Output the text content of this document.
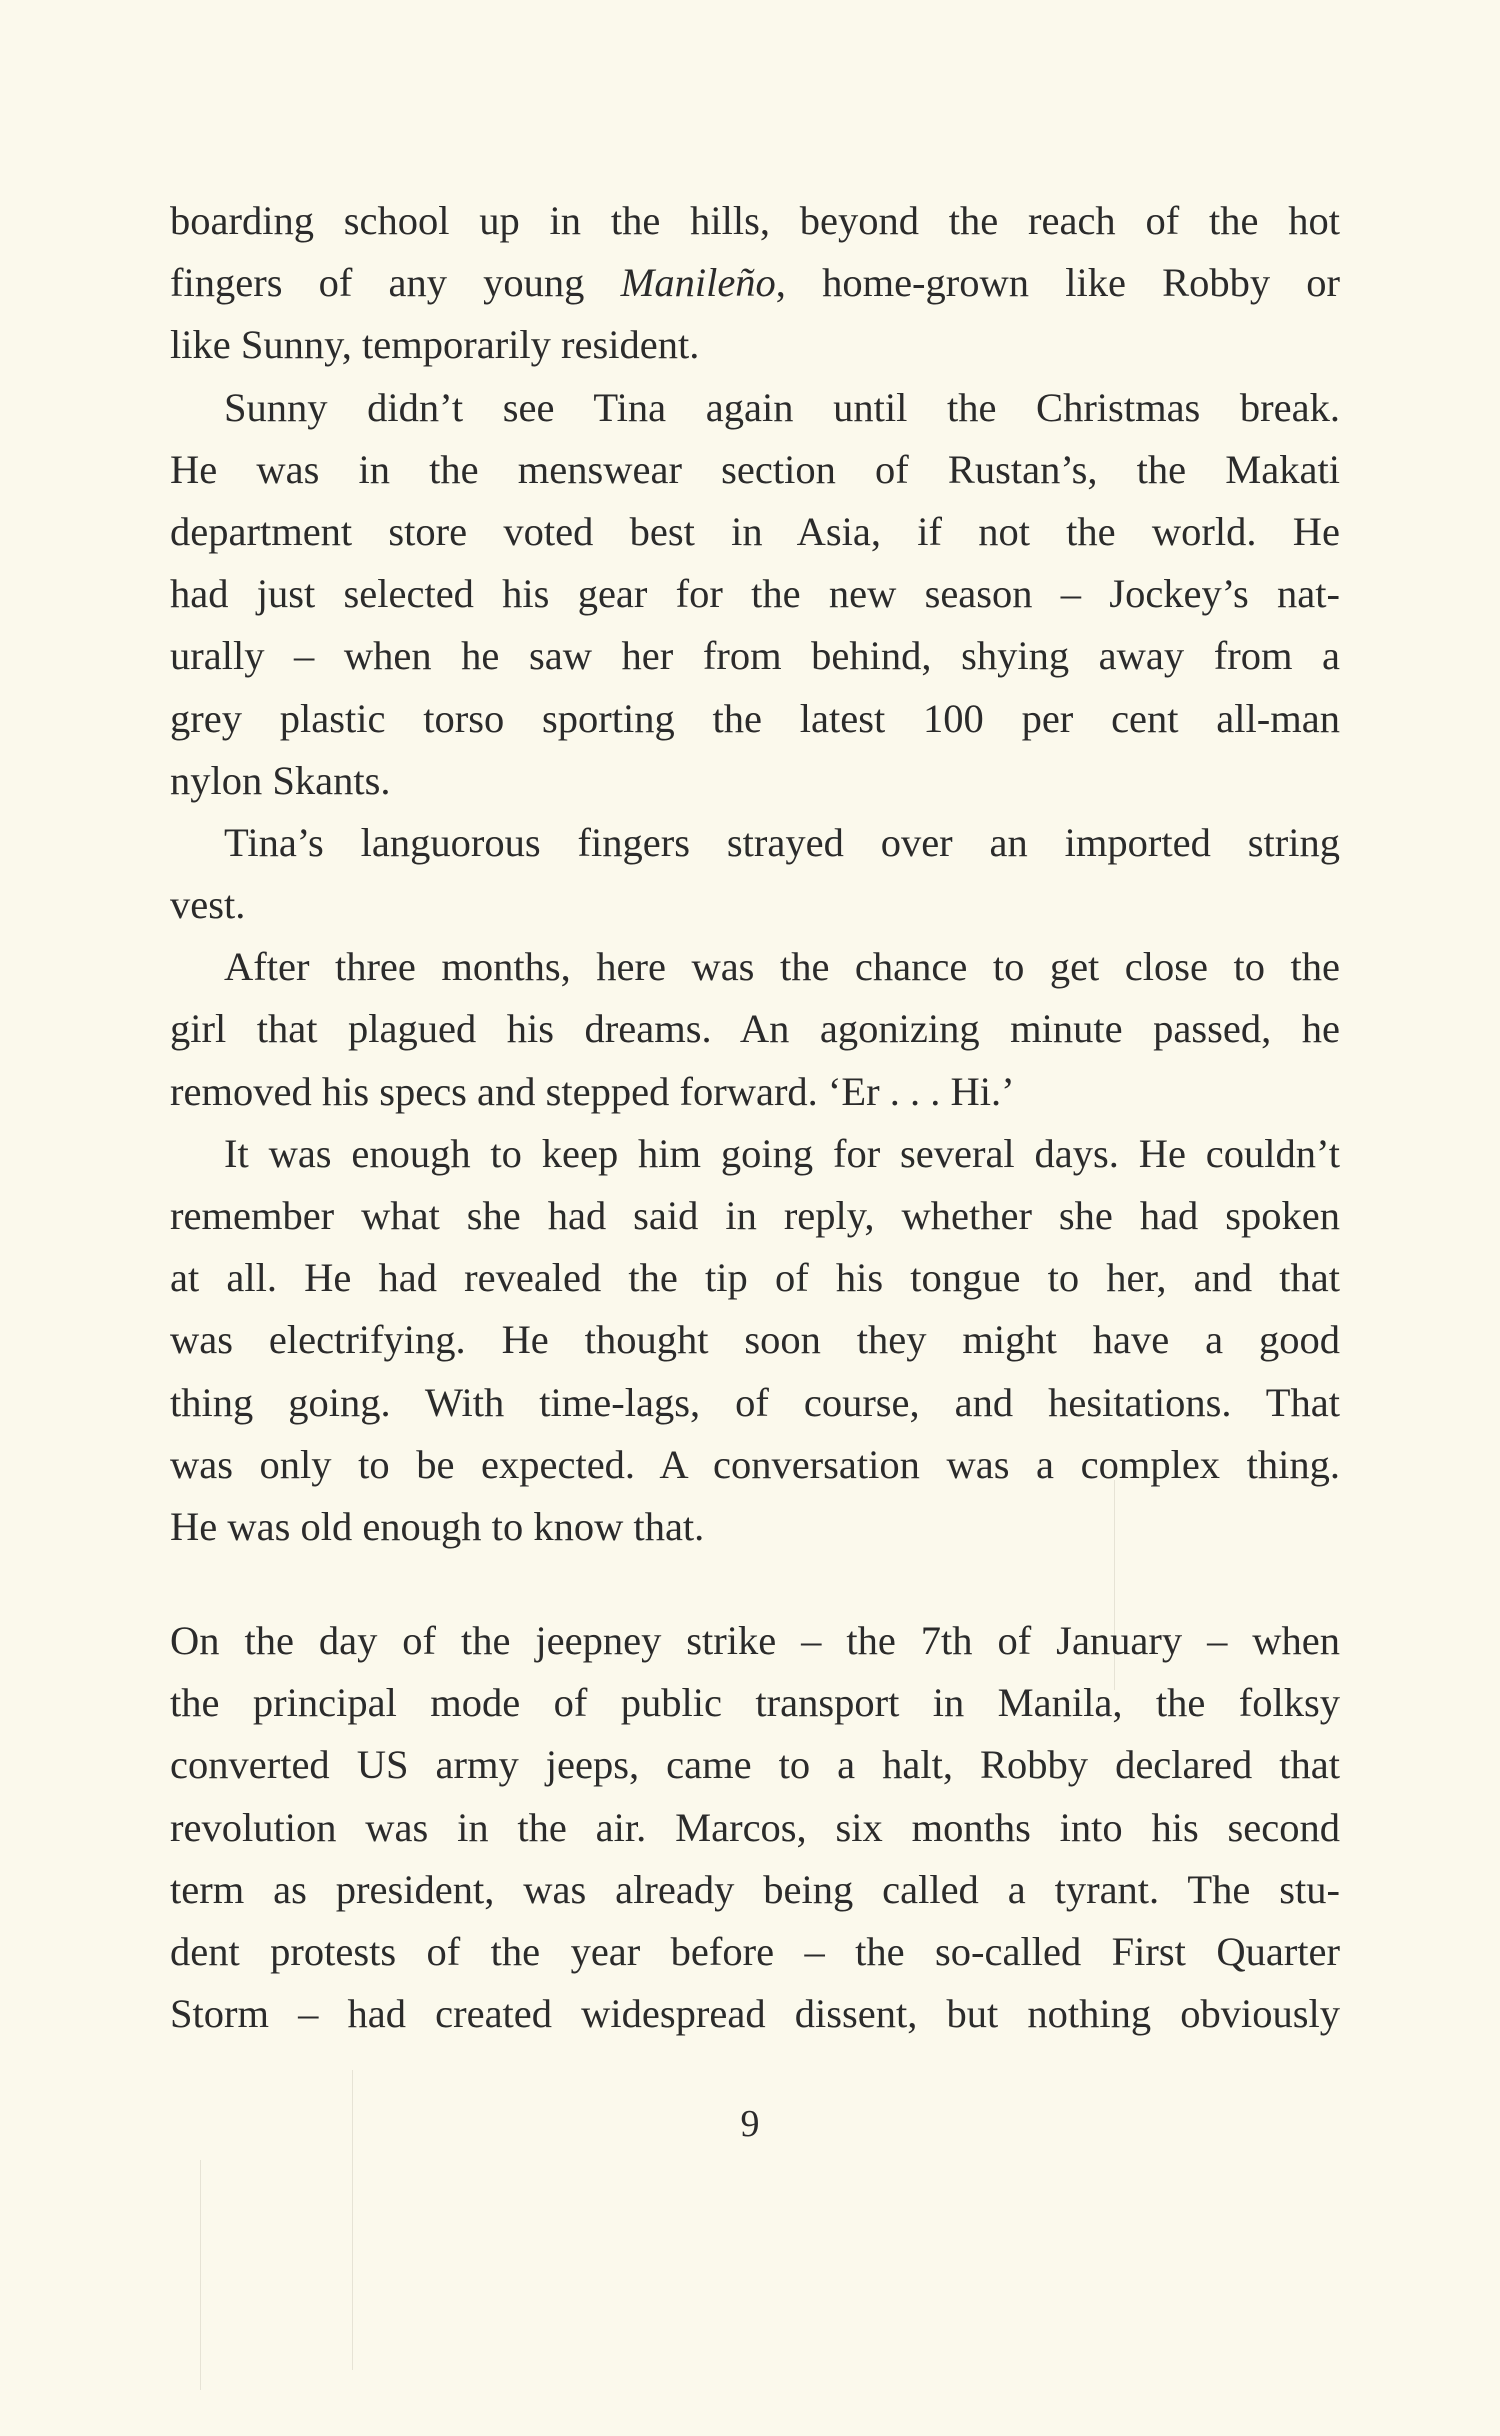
boarding school up in the hills, beyond the reach of the hot
fingers of any young Manileño, home-grown like Robby or
like Sunny, temporarily resident.
Sunny didn’t see Tina again until the Christmas break.
He was in the menswear section of Rustan’s, the Makati
department store voted best in Asia, if not the world. He
had just selected his gear for the new season – Jockey’s nat-
urally – when he saw her from behind, shying away from a
grey plastic torso sporting the latest 100 per cent all-man
nylon Skants.
Tina’s languorous fingers strayed over an imported string
vest.
After three months, here was the chance to get close to the
girl that plagued his dreams. An agonizing minute passed, he
removed his specs and stepped forward. ‘Er . . . Hi.’
It was enough to keep him going for several days. He couldn’t
remember what she had said in reply, whether she had spoken
at all. He had revealed the tip of his tongue to her, and that
was electrifying. He thought soon they might have a good
thing going. With time-lags, of course, and hesitations. That
was only to be expected. A conversation was a complex thing.
He was old enough to know that.
On the day of the jeepney strike – the 7th of January – when
the principal mode of public transport in Manila, the folksy
converted US army jeeps, came to a halt, Robby declared that
revolution was in the air. Marcos, six months into his second
term as president, was already being called a tyrant. The stu-
dent protests of the year before – the so-called First Quarter
Storm – had created widespread dissent, but nothing obviously
9
